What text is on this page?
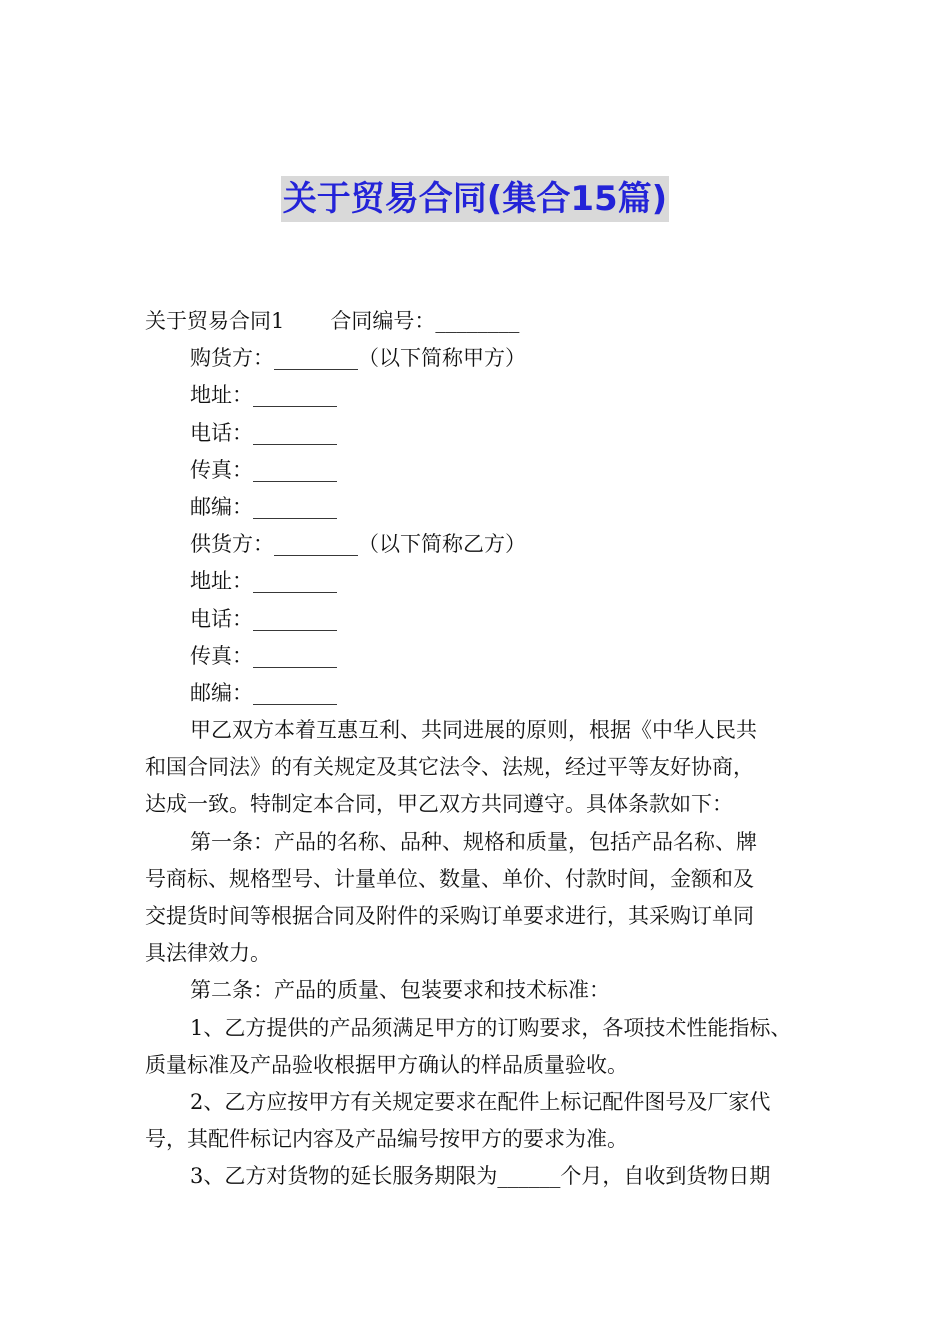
关于贸易合同(集合15篇)
关于贸易合同1 合同编号：________
购货方：________（以下简称甲方）
地址：________
电话：________
传真：________
邮编：________
供货方：________（以下简称乙方）
地址：________
电话：________
传真：________
邮编：________
甲乙双方本着互惠互利、共同进展的原则，根据《中华人民共
和国合同法》的有关规定及其它法令、法规，经过平等友好协商，
达成一致。特制定本合同，甲乙双方共同遵守。具体条款如下：
第一条：产品的名称、品种、规格和质量，包括产品名称、牌
号商标、规格型号、计量单位、数量、单价、付款时间，金额和及
交提货时间等根据合同及附件的采购订单要求进行，其采购订单同
具法律效力。
第二条：产品的质量、包装要求和技术标准：
1、乙方提供的产品须满足甲方的订购要求，各项技术性能指标、
质量标准及产品验收根据甲方确认的样品质量验收。
2、乙方应按甲方有关规定要求在配件上标记配件图号及厂家代
号，其配件标记内容及产品编号按甲方的要求为准。
3、乙方对货物的延长服务期限为______个月，自收到货物日期
